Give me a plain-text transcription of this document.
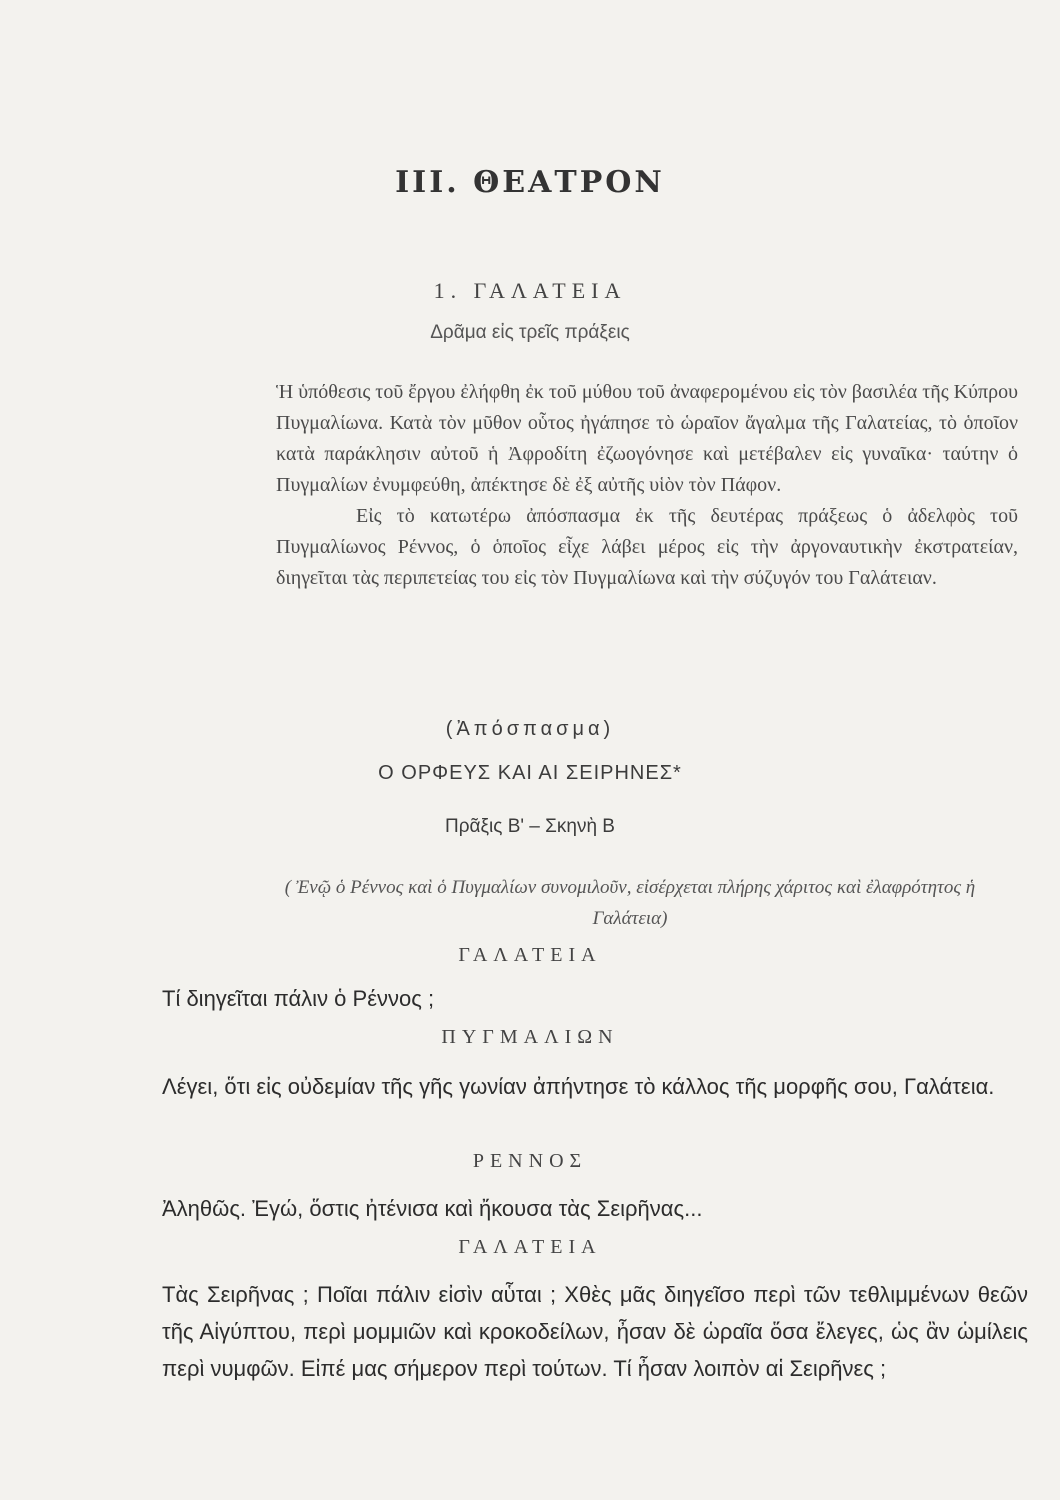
III. ΘΕΑΤΡΟΝ
1. ΓΑΛΑΤΕΙΑ
Δρᾶμα εἰς τρεῖς πράξεις

Ἡ ὑπόθεσις τοῦ ἔργου ἐλήφθη ἐκ τοῦ μύθου τοῦ ἀναφερομένου εἰς τὸν βασιλέα τῆς Κύπρου Πυγμαλίωνα. Κατὰ τὸν μῦθον οὗτος ἠγάπησε τὸ ὡραῖον ἄγαλμα τῆς Γαλατείας, τὸ ὁποῖον κατὰ παράκλησιν αὐτοῦ ἡ Ἀφροδίτη ἐζωογόνησε καὶ μετέβαλεν εἰς γυναῖκα· ταύτην ὁ Πυγμαλίων ἐνυμφεύθη, ἀπέκτησε δὲ ἐξ αὐτῆς υἱὸν τὸν Πάφον.

Εἰς τὸ κατωτέρω ἀπόσπασμα ἐκ τῆς δευτέρας πράξεως ὁ ἀδελφὸς τοῦ Πυγμαλίωνος Ρέννος, ὁ ὁποῖος εἶχε λάβει μέρος εἰς τὴν ἀργοναυτικὴν ἐκστρατείαν, διηγεῖται τὰς περιπετείας του εἰς τὸν Πυγμαλίωνα καὶ τὴν σύζυγόν του Γαλάτειαν.

(Ἀπόσπασμα)
Ο ΟΡΦΕΥΣ ΚΑΙ ΑΙ ΣΕΙΡΗΝΕΣ*
Πρᾶξις Β' – Σκηνὴ Β
( Ἐνῷ ὁ Ρέννος καὶ ὁ Πυγμαλίων συνομιλοῦν, εἰσέρχεται πλήρης χάριτος καὶ ἐλαφρότητος ἡ Γαλάτεια)
ΓΑΛΑΤΕΙΑ

Τί διηγεῖται πάλιν ὁ Ρέννος ;

ΠΥΓΜΑΛΙΩΝ

Λέγει, ὅτι εἰς οὐδεμίαν τῆς γῆς γωνίαν ἀπήντησε τὸ κάλλος τῆς μορφῆς σου, Γαλάτεια.

ΡΕΝΝΟΣ

Ἀληθῶς. Ἐγώ, ὅστις ἠτένισα καὶ ἤκουσα τὰς Σειρῆνας...

ΓΑΛΑΤΕΙΑ

Τὰς Σειρῆνας ; Ποῖαι πάλιν εἰσὶν αὗται ; Χθὲς μᾶς διηγεῖσο περὶ τῶν τεθλιμμένων θεῶν τῆς Αἰγύπτου, περὶ μομμιῶν καὶ κροκοδείλων, ἦσαν δὲ ὡραῖα ὅσα ἔλεγες, ὡς ἂν ὡμίλεις περὶ νυμφῶν. Εἰπέ μας σήμερον περὶ τούτων. Τί ἦσαν λοιπὸν αἱ Σειρῆνες ;
